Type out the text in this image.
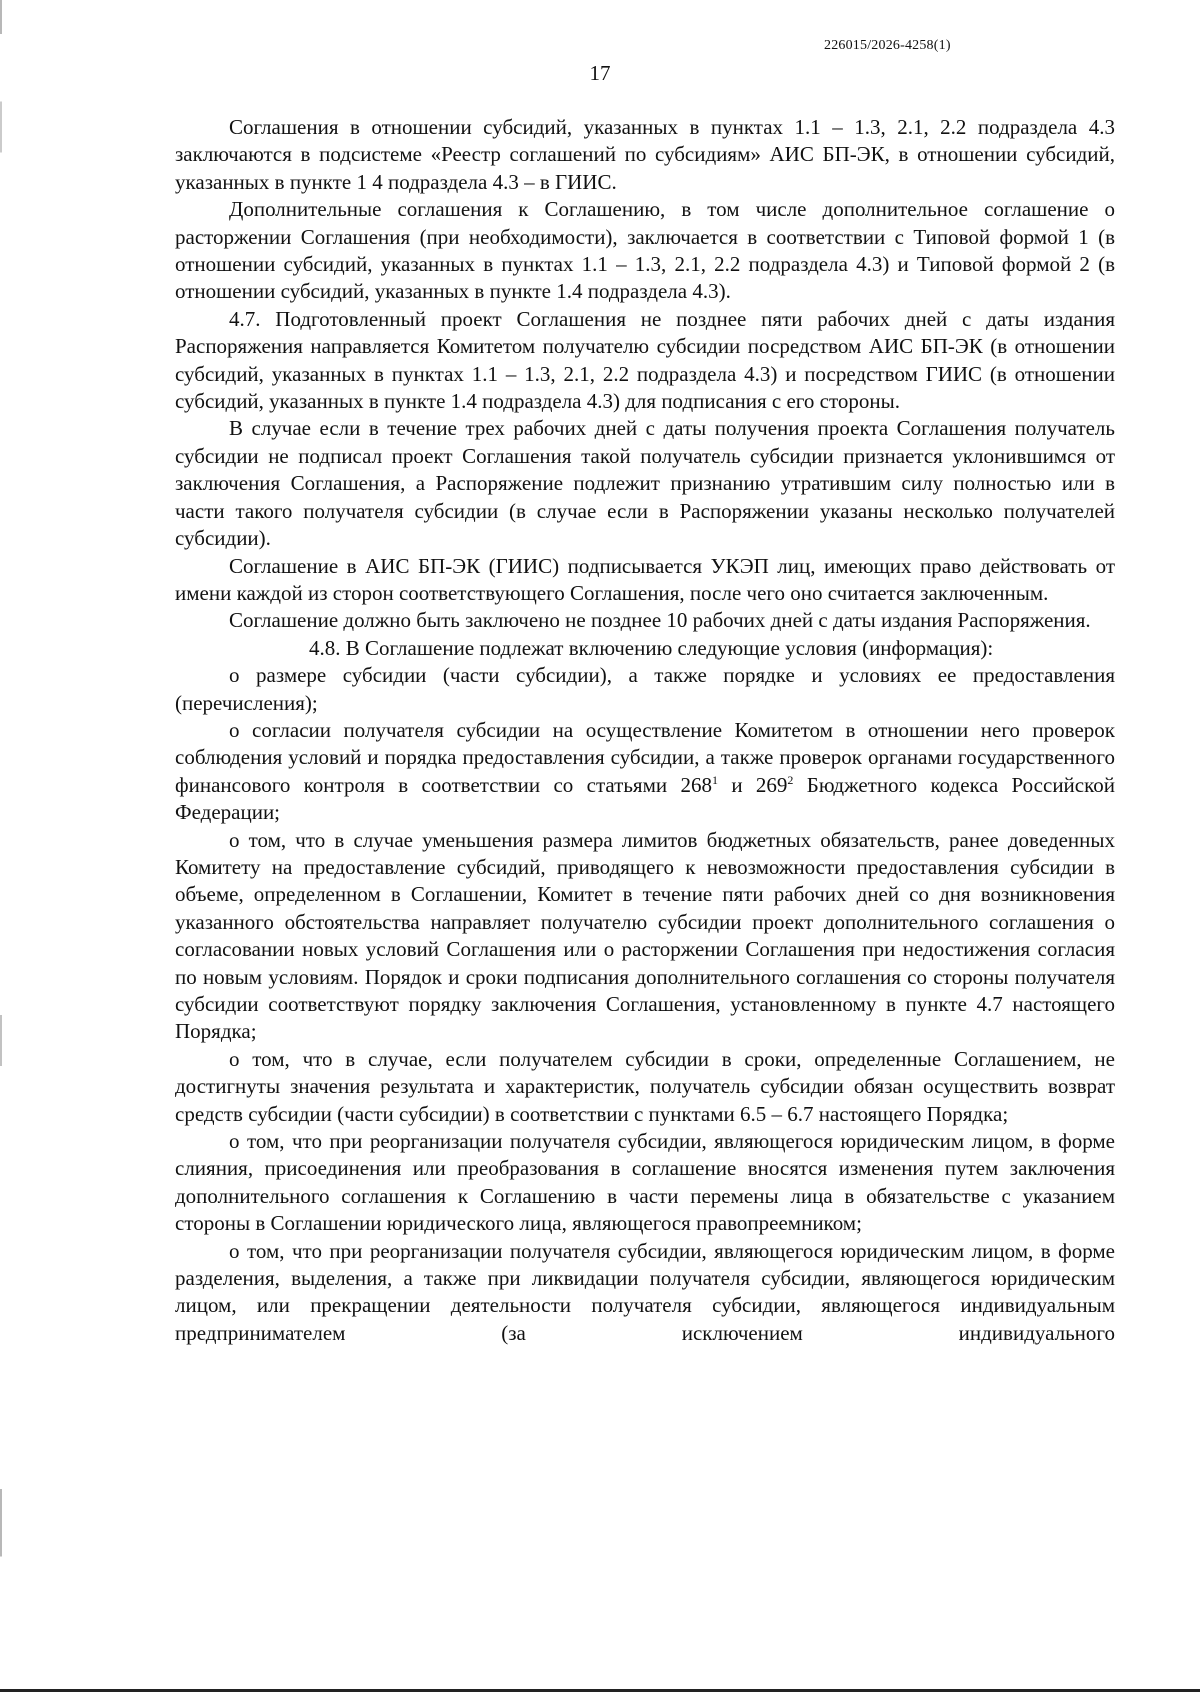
226015/2026-4258(1)
17

Соглашения в отношении субсидий, указанных в пунктах 1.1 – 1.3, 2.1, 2.2 подраздела 4.3 заключаются в подсистеме «Реестр соглашений по субсидиям» АИС БП-ЭК, в отношении субсидий, указанных в пункте 1 4 подраздела 4.3 – в ГИИС.

Дополнительные соглашения к Соглашению, в том числе дополнительное соглашение о расторжении Соглашения (при необходимости), заключается в соответствии с Типовой формой 1 (в отношении субсидий, указанных в пунктах 1.1 – 1.3, 2.1, 2.2 подраздела 4.3) и Типовой формой 2 (в отношении субсидий, указанных в пункте 1.4 подраздела 4.3).

4.7. Подготовленный проект Соглашения не позднее пяти рабочих дней с даты издания Распоряжения направляется Комитетом получателю субсидии посредством АИС БП-ЭК (в отношении субсидий, указанных в пунктах 1.1 – 1.3, 2.1, 2.2 подраздела 4.3) и посредством ГИИС (в отношении субсидий, указанных в пункте 1.4 подраздела 4.3) для подписания с его стороны.

В случае если в течение трех рабочих дней с даты получения проекта Соглашения получатель субсидии не подписал проект Соглашения такой получатель субсидии признается уклонившимся от заключения Соглашения, а Распоряжение подлежит признанию утратившим силу полностью или в части такого получателя субсидии (в случае если в Распоряжении указаны несколько получателей субсидии).

Соглашение в АИС БП-ЭК (ГИИС) подписывается УКЭП лиц, имеющих право действовать от имени каждой из сторон соответствующего Соглашения, после чего оно считается заключенным.

Соглашение должно быть заключено не позднее 10 рабочих дней с даты издания Распоряжения.

4.8. В Соглашение подлежат включению следующие условия (информация):

о размере субсидии (части субсидии), а также порядке и условиях ее предоставления (перечисления);

о согласии получателя субсидии на осуществление Комитетом в отношении него проверок соблюдения условий и порядка предоставления субсидии, а также проверок органами государственного финансового контроля в соответствии со статьями $268^1$ и $269^2$ Бюджетного кодекса Российской Федерации;

о том, что в случае уменьшения размера лимитов бюджетных обязательств, ранее доведенных Комитету на предоставление субсидий, приводящего к невозможности предоставления субсидии в объеме, определенном в Соглашении, Комитет в течение пяти рабочих дней со дня возникновения указанного обстоятельства направляет получателю субсидии проект дополнительного соглашения о согласовании новых условий Соглашения или о расторжении Соглашения при недостижения согласия по новым условиям. Порядок и сроки подписания дополнительного соглашения со стороны получателя субсидии соответствуют порядку заключения Соглашения, установленному в пункте 4.7 настоящего Порядка;

о том, что в случае, если получателем субсидии в сроки, определенные Соглашением, не достигнуты значения результата и характеристик, получатель субсидии обязан осуществить возврат средств субсидии (части субсидии) в соответствии с пунктами 6.5 – 6.7 настоящего Порядка;

о том, что при реорганизации получателя субсидии, являющегося юридическим лицом, в форме слияния, присоединения или преобразования в соглашение вносятся изменения путем заключения дополнительного соглашения к Соглашению в части перемены лица в обязательстве с указанием стороны в Соглашении юридического лица, являющегося правопреемником;

о том, что при реорганизации получателя субсидии, являющегося юридическим лицом, в форме разделения, выделения, а также при ликвидации получателя субсидии, являющегося юридическим лицом, или прекращении деятельности получателя субсидии, являющегося индивидуальным предпринимателем (за исключением индивидуального
